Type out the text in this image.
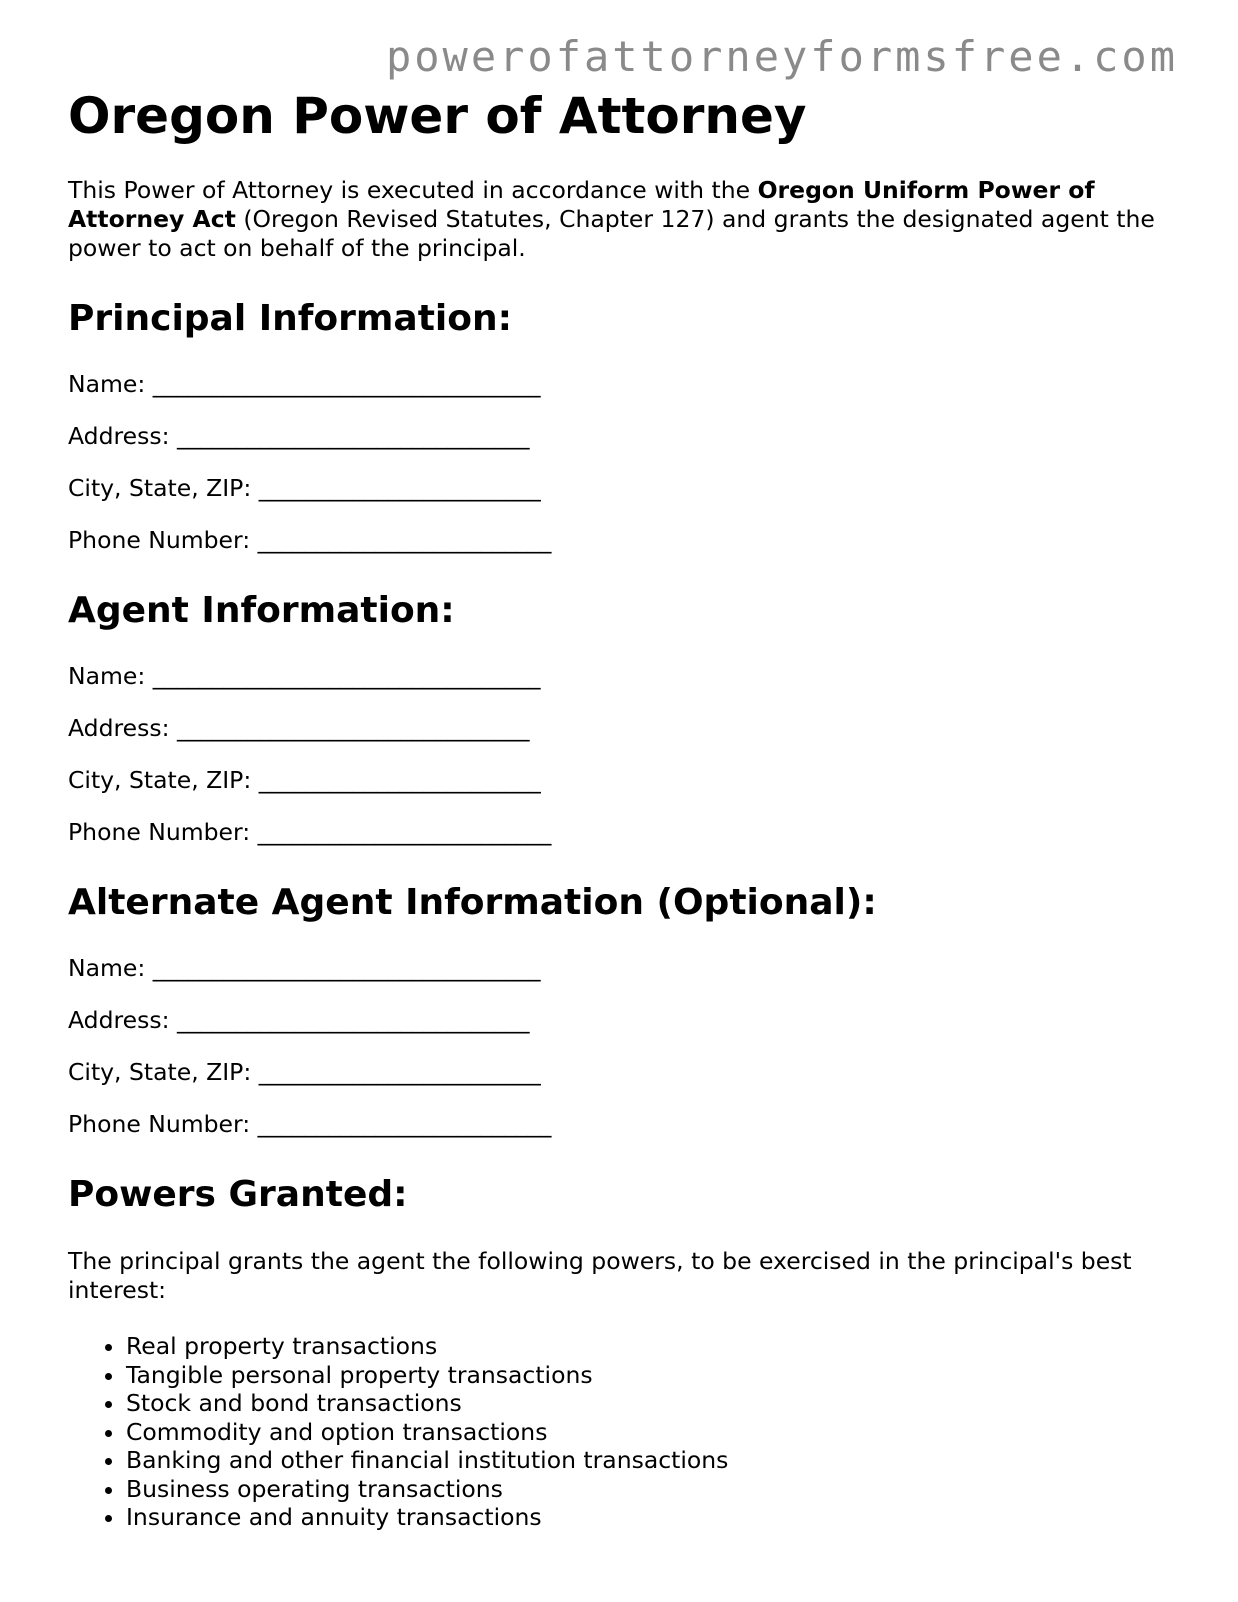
powerofattorneyformsfree.com
Oregon Power of Attorney

This Power of Attorney is executed in accordance with the Oregon Uniform Power of Attorney Act (Oregon Revised Statutes, Chapter 127) and grants the designated agent the power to act on behalf of the principal.

Principal Information:
Name: _________________________________
Address: ______________________________
City, State, ZIP: ________________________
Phone Number: _________________________
Agent Information:
Name: _________________________________
Address: ______________________________
City, State, ZIP: ________________________
Phone Number: _________________________
Alternate Agent Information (Optional):
Name: _________________________________
Address: ______________________________
City, State, ZIP: ________________________
Phone Number: _________________________
Powers Granted:

The principal grants the agent the following powers, to be exercised in the principal's best interest:

• Real property transactions
• Tangible personal property transactions
• Stock and bond transactions
• Commodity and option transactions
• Banking and other financial institution transactions
• Business operating transactions
• Insurance and annuity transactions
